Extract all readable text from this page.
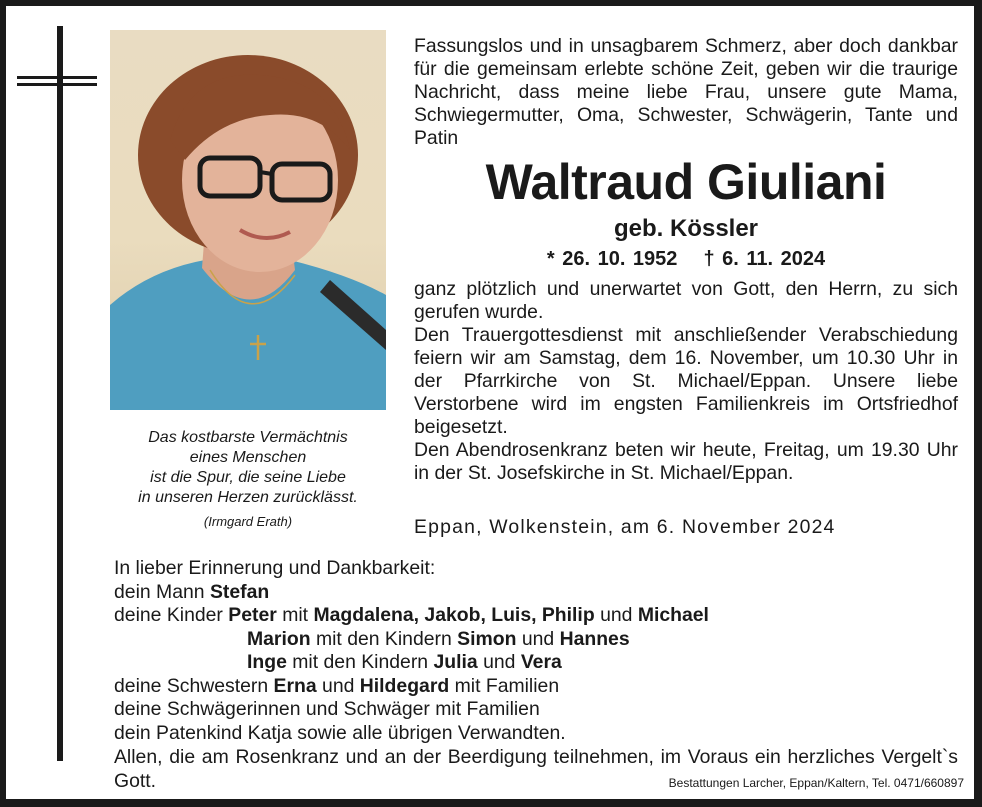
Das kostbarste Vermächtnis
eines Menschen
ist die Spur, die seine Liebe
in unseren Herzen zurücklässt.
(Irmgard Erath)
Fassungslos und in unsagbarem Schmerz, aber doch dankbar für die gemeinsam erlebte schöne Zeit, geben wir die traurige Nachricht, dass meine liebe Frau, unsere gute Mama, Schwiegermutter, Oma, Schwester, Schwägerin, Tante und Patin
Waltraud Giuliani
geb. Kössler
* 26. 10. 1952 † 6. 11. 2024

ganz plötzlich und unerwartet von Gott, den Herrn, zu sich gerufen wurde.

Den Trauergottesdienst mit anschließender Verabschiedung feiern wir am Samstag, dem 16. November, um 10.30 Uhr in der Pfarrkirche von St. Michael/Eppan. Unsere liebe Verstorbene wird im engsten Familienkreis im Ortsfriedhof beigesetzt.

Den Abendrosenkranz beten wir heute, Freitag, um 19.30 Uhr in der St. Josefskirche in St. Michael/Eppan.

Eppan, Wolkenstein, am 6. November 2024
In lieber Erinnerung und Dankbarkeit:
dein Mann Stefan
deine Kinder Peter mit Magdalena, Jakob, Luis, Philip und Michael
Marion mit den Kindern Simon und Hannes
Inge mit den Kindern Julia und Vera
deine Schwestern Erna und Hildegard mit Familien
deine Schwägerinnen und Schwäger mit Familien
dein Patenkind Katja sowie alle übrigen Verwandten.
Allen, die am Rosenkranz und an der Beerdigung teilnehmen, im Voraus ein herzliches Vergelt`s Gott.	Bestattungen Larcher, Eppan/Kaltern, Tel. 0471/660897
